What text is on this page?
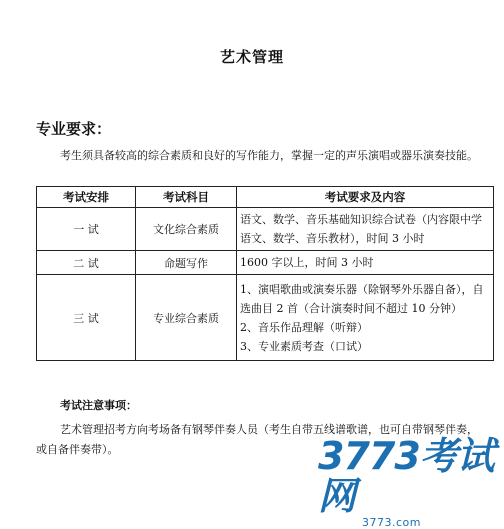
艺术管理
专业要求：
考生须具备较高的综合素质和良好的写作能力，掌握一定的声乐演唱或器乐演奏技能。
考试安排	考试科目	考试要求及内容
一 试	文化综合素质	语文、数学、音乐基础知识综合试卷（内容限中学
语文、数学、音乐教材），时间 3 小时

二 试	命题写作	1600 字以上，时间 3 小时

三 试	专业综合素质	1、演唱歌曲或演奏乐器（除钢琴外乐器自备），自
选曲目 2 首（合计演奏时间不超过 10 分钟）
2、音乐作品理解（听辩）
3、专业素质考查（口试）
考试注意事项：
艺术管理招考方向考场备有钢琴伴奏人员（考生自带五线谱歌谱，也可自带钢琴伴奏，
或自备伴奏带）。	3773考试网
3773.com
